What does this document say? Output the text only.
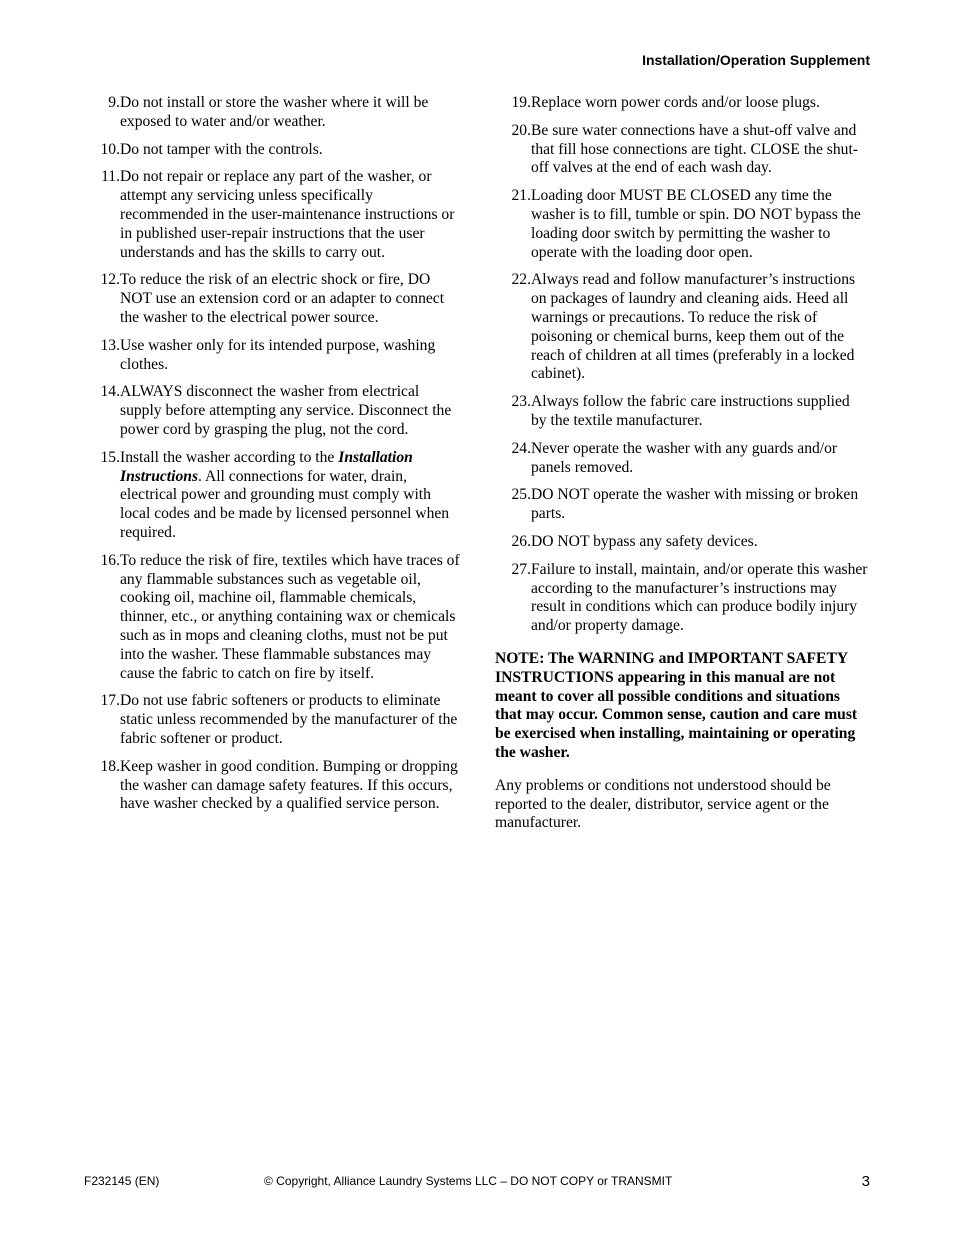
Installation/Operation Supplement
9. Do not install or store the washer where it will be exposed to water and/or weather.
10. Do not tamper with the controls.
11. Do not repair or replace any part of the washer, or attempt any servicing unless specifically recommended in the user-maintenance instructions or in published user-repair instructions that the user understands and has the skills to carry out.
12. To reduce the risk of an electric shock or fire, DO NOT use an extension cord or an adapter to connect the washer to the electrical power source.
13. Use washer only for its intended purpose, washing clothes.
14. ALWAYS disconnect the washer from electrical supply before attempting any service. Disconnect the power cord by grasping the plug, not the cord.
15. Install the washer according to the Installation Instructions. All connections for water, drain, electrical power and grounding must comply with local codes and be made by licensed personnel when required.
16. To reduce the risk of fire, textiles which have traces of any flammable substances such as vegetable oil, cooking oil, machine oil, flammable chemicals, thinner, etc., or anything containing wax or chemicals such as in mops and cleaning cloths, must not be put into the washer. These flammable substances may cause the fabric to catch on fire by itself.
17. Do not use fabric softeners or products to eliminate static unless recommended by the manufacturer of the fabric softener or product.
18. Keep washer in good condition. Bumping or dropping the washer can damage safety features. If this occurs, have washer checked by a qualified service person.
19. Replace worn power cords and/or loose plugs.
20. Be sure water connections have a shut-off valve and that fill hose connections are tight. CLOSE the shut-off valves at the end of each wash day.
21. Loading door MUST BE CLOSED any time the washer is to fill, tumble or spin. DO NOT bypass the loading door switch by permitting the washer to operate with the loading door open.
22. Always read and follow manufacturer’s instructions on packages of laundry and cleaning aids. Heed all warnings or precautions. To reduce the risk of poisoning or chemical burns, keep them out of the reach of children at all times (preferably in a locked cabinet).
23. Always follow the fabric care instructions supplied by the textile manufacturer.
24. Never operate the washer with any guards and/or panels removed.
25. DO NOT operate the washer with missing or broken parts.
26. DO NOT bypass any safety devices.
27. Failure to install, maintain, and/or operate this washer according to the manufacturer’s instructions may result in conditions which can produce bodily injury and/or property damage.
NOTE: The WARNING and IMPORTANT SAFETY INSTRUCTIONS appearing in this manual are not meant to cover all possible conditions and situations that may occur. Common sense, caution and care must be exercised when installing, maintaining or operating the washer.
Any problems or conditions not understood should be reported to the dealer, distributor, service agent or the manufacturer.
F232145 (EN)	© Copyright, Alliance Laundry Systems LLC – DO NOT COPY or TRANSMIT	3
